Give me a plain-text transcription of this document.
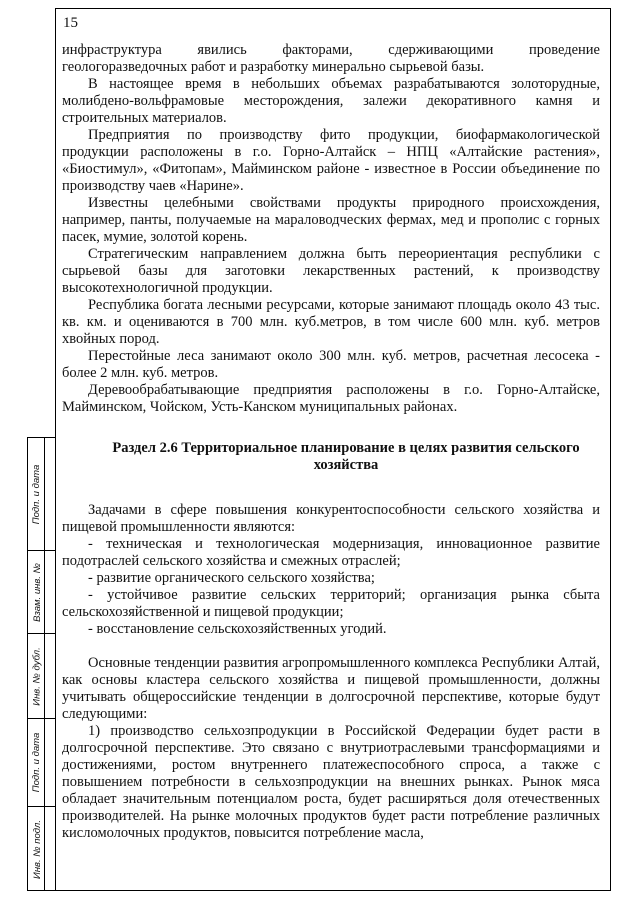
15

инфраструктура явились факторами, сдерживающими проведение геологоразведочных работ и разработку минерально сырьевой базы.

В настоящее время в небольших объемах разрабатываются золоторудные, молибдено-вольфрамовые месторождения, залежи декоративного камня и строительных материалов.

Предприятия по производству фито продукции, биофармакологической продукции расположены в г.о. Горно-Алтайск – НПЦ «Алтайские растения», «Биостимул», «Фитопам», Майминском районе - известное в России объединение по производству чаев «Нарине».

Известны целебными свойствами продукты природного происхождения, например, панты, получаемые на мараловодческих фермах, мед и прополис с горных пасек, мумие, золотой корень.

Стратегическим направлением должна быть переориентация республики с сырьевой базы для заготовки лекарственных растений, к производству высокотехнологичной продукции.

Республика богата лесными ресурсами, которые занимают площадь около 43 тыс. кв. км. и оцениваются в 700 млн. куб.метров, в том числе 600 млн. куб. метров хвойных пород.

Перестойные леса занимают около 300 млн. куб. метров, расчетная лесосека - более 2 млн. куб. метров.

Деревообрабатывающие предприятия расположены в г.о. Горно-Алтайске, Майминском, Чойском, Усть-Канском муниципальных районах.

Раздел 2.6 Территориальное планирование в целях развития сельского хозяйства

Задачами в сфере повышения конкурентоспособности сельского хозяйства и пищевой промышленности являются:

- техническая и технологическая модернизация, инновационное развитие подотраслей сельского хозяйства и смежных отраслей;

- развитие органического сельского хозяйства;

- устойчивое развитие сельских территорий; организация рынка сбыта сельскохозяйственной и пищевой продукции;

- восстановление сельскохозяйственных угодий.

Основные тенденции развития агропромышленного комплекса Республики Алтай, как основы кластера сельского хозяйства и пищевой промышленности, должны учитывать общероссийские тенденции в долгосрочной перспективе, которые будут следующими:

1) производство сельхозпродукции в Российской Федерации будет расти в долгосрочной перспективе. Это связано с внутриотраслевыми трансформациями и достижениями, ростом внутреннего платежеспособного спроса, а также с повышением потребности в сельхозпродукции на внешних рынках. Рынок мяса обладает значительным потенциалом роста, будет расширяться доля отечественных производителей. На рынке молочных продуктов будет расти потребление различных кисломолочных продуктов, повысится потребление масла,

Подп. и дата
Взам. инв. №
Инв. № дубл.
Подп. и дата
Инв. № подл.
